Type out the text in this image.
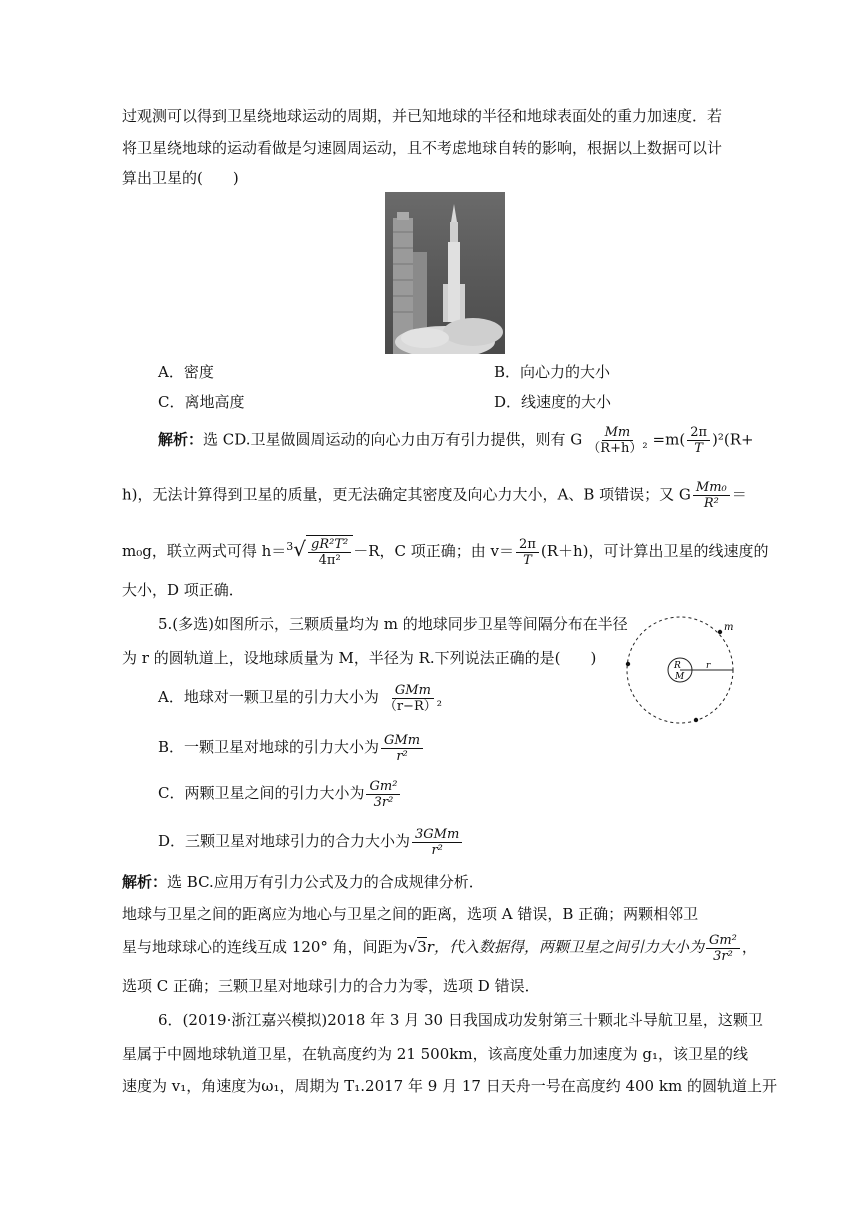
过观测可以得到卫星绕地球运动的周期，并已知地球的半径和地球表面处的重力加速度．若
将卫星绕地球的运动看做是匀速圆周运动，且不考虑地球自转的影响，根据以上数据可以计
算出卫星的(　　)
A．密度	B．向心力的大小
C．离地高度	D．线速度的大小
解析：选 CD.卫星做圆周运动的向心力由万有引力提供，则有 G $\frac{Mm}{\text{（R+h）²}} =m( \frac{2\pi}{T} )^2(R+$
h)，无法计算得到卫星的质量，更无法确定其密度及向心力大小，A、B 项错误；又 G $\frac{\text{Mm₀}}{\text{R²}}$ ＝
m₀g，联立两式可得 $h=^3√ \frac{\text{gR²T²}}{\text{4π²}} -R$，C 项正确；由 $v= \frac{2\pi}{T} (R+h)$，可计算出卫星的线速度的
大小，D 项正确．
5.(多选)如图所示，三颗质量均为 m 的地球同步卫星等间隔分布在半径
为 r 的圆轨道上，设地球质量为 M，半径为 R.下列说法正确的是(　　)
A．地球对一颗卫星的引力大小为 $\frac{\text{GMm}}{\text{（r−R）²}}$
B．一颗卫星对地球的引力大小为 $\frac{\text{GMm}}{\text{r²}}$
C．两颗卫星之间的引力大小为 $\frac{\text{Gm²}}{\text{3r²}}$
D．三颗卫星对地球引力的合力大小为 $\frac{\text{3GMm}}{\text{r²}}$
m
R
M
r
解析：选 BC.应用万有引力公式及力的合成规律分析．
地球与卫星之间的距离应为地心与卫星之间的距离，选项 A 错误，B 正确；两颗相邻卫
星与地球球心的连线互成 120° 角，间距为√3r，代入数据得，两颗卫星之间引力大小为 $\frac{\text{Gm²}}{\text{3r²}}$ ，
选项 C 正确；三颗卫星对地球引力的合力为零，选项 D 错误．
6．(2019·浙江嘉兴模拟)2018 年 3 月 30 日我国成功发射第三十颗北斗导航卫星，这颗卫
星属于中圆地球轨道卫星，在轨高度约为 21 500km，该高度处重力加速度为 g₁，该卫星的线
速度为 v₁，角速度为ω₁，周期为 T₁.2017 年 9 月 17 日天舟一号在高度约 400 km 的圆轨道上开
